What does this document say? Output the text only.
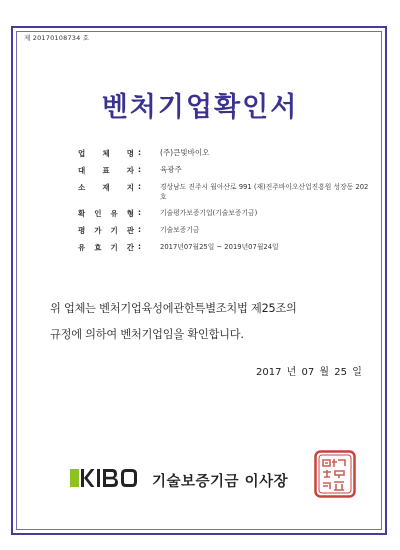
제 20170108734 호
벤처기업확인서
업 체 명 :	(주)큰빛바이오
대 표 자 :	육광주
소 재 지 :	경상남도 진주시 월아산로 991 (재)진주바이오산업진흥원 성장동 202호
확 인 유 형 :	기술평가보증기업(기술보증기금)
평 가 기 관 :	기술보증기금
유 효 기 간 :	2017년07월25일 ~ 2019년07월24일
위 업체는 벤처기업육성에관한특별조치법 제25조의
규정에 의하여 벤처기업임을 확인합니다.
2017 년 07 월 25 일
기술보증기금 이사장
